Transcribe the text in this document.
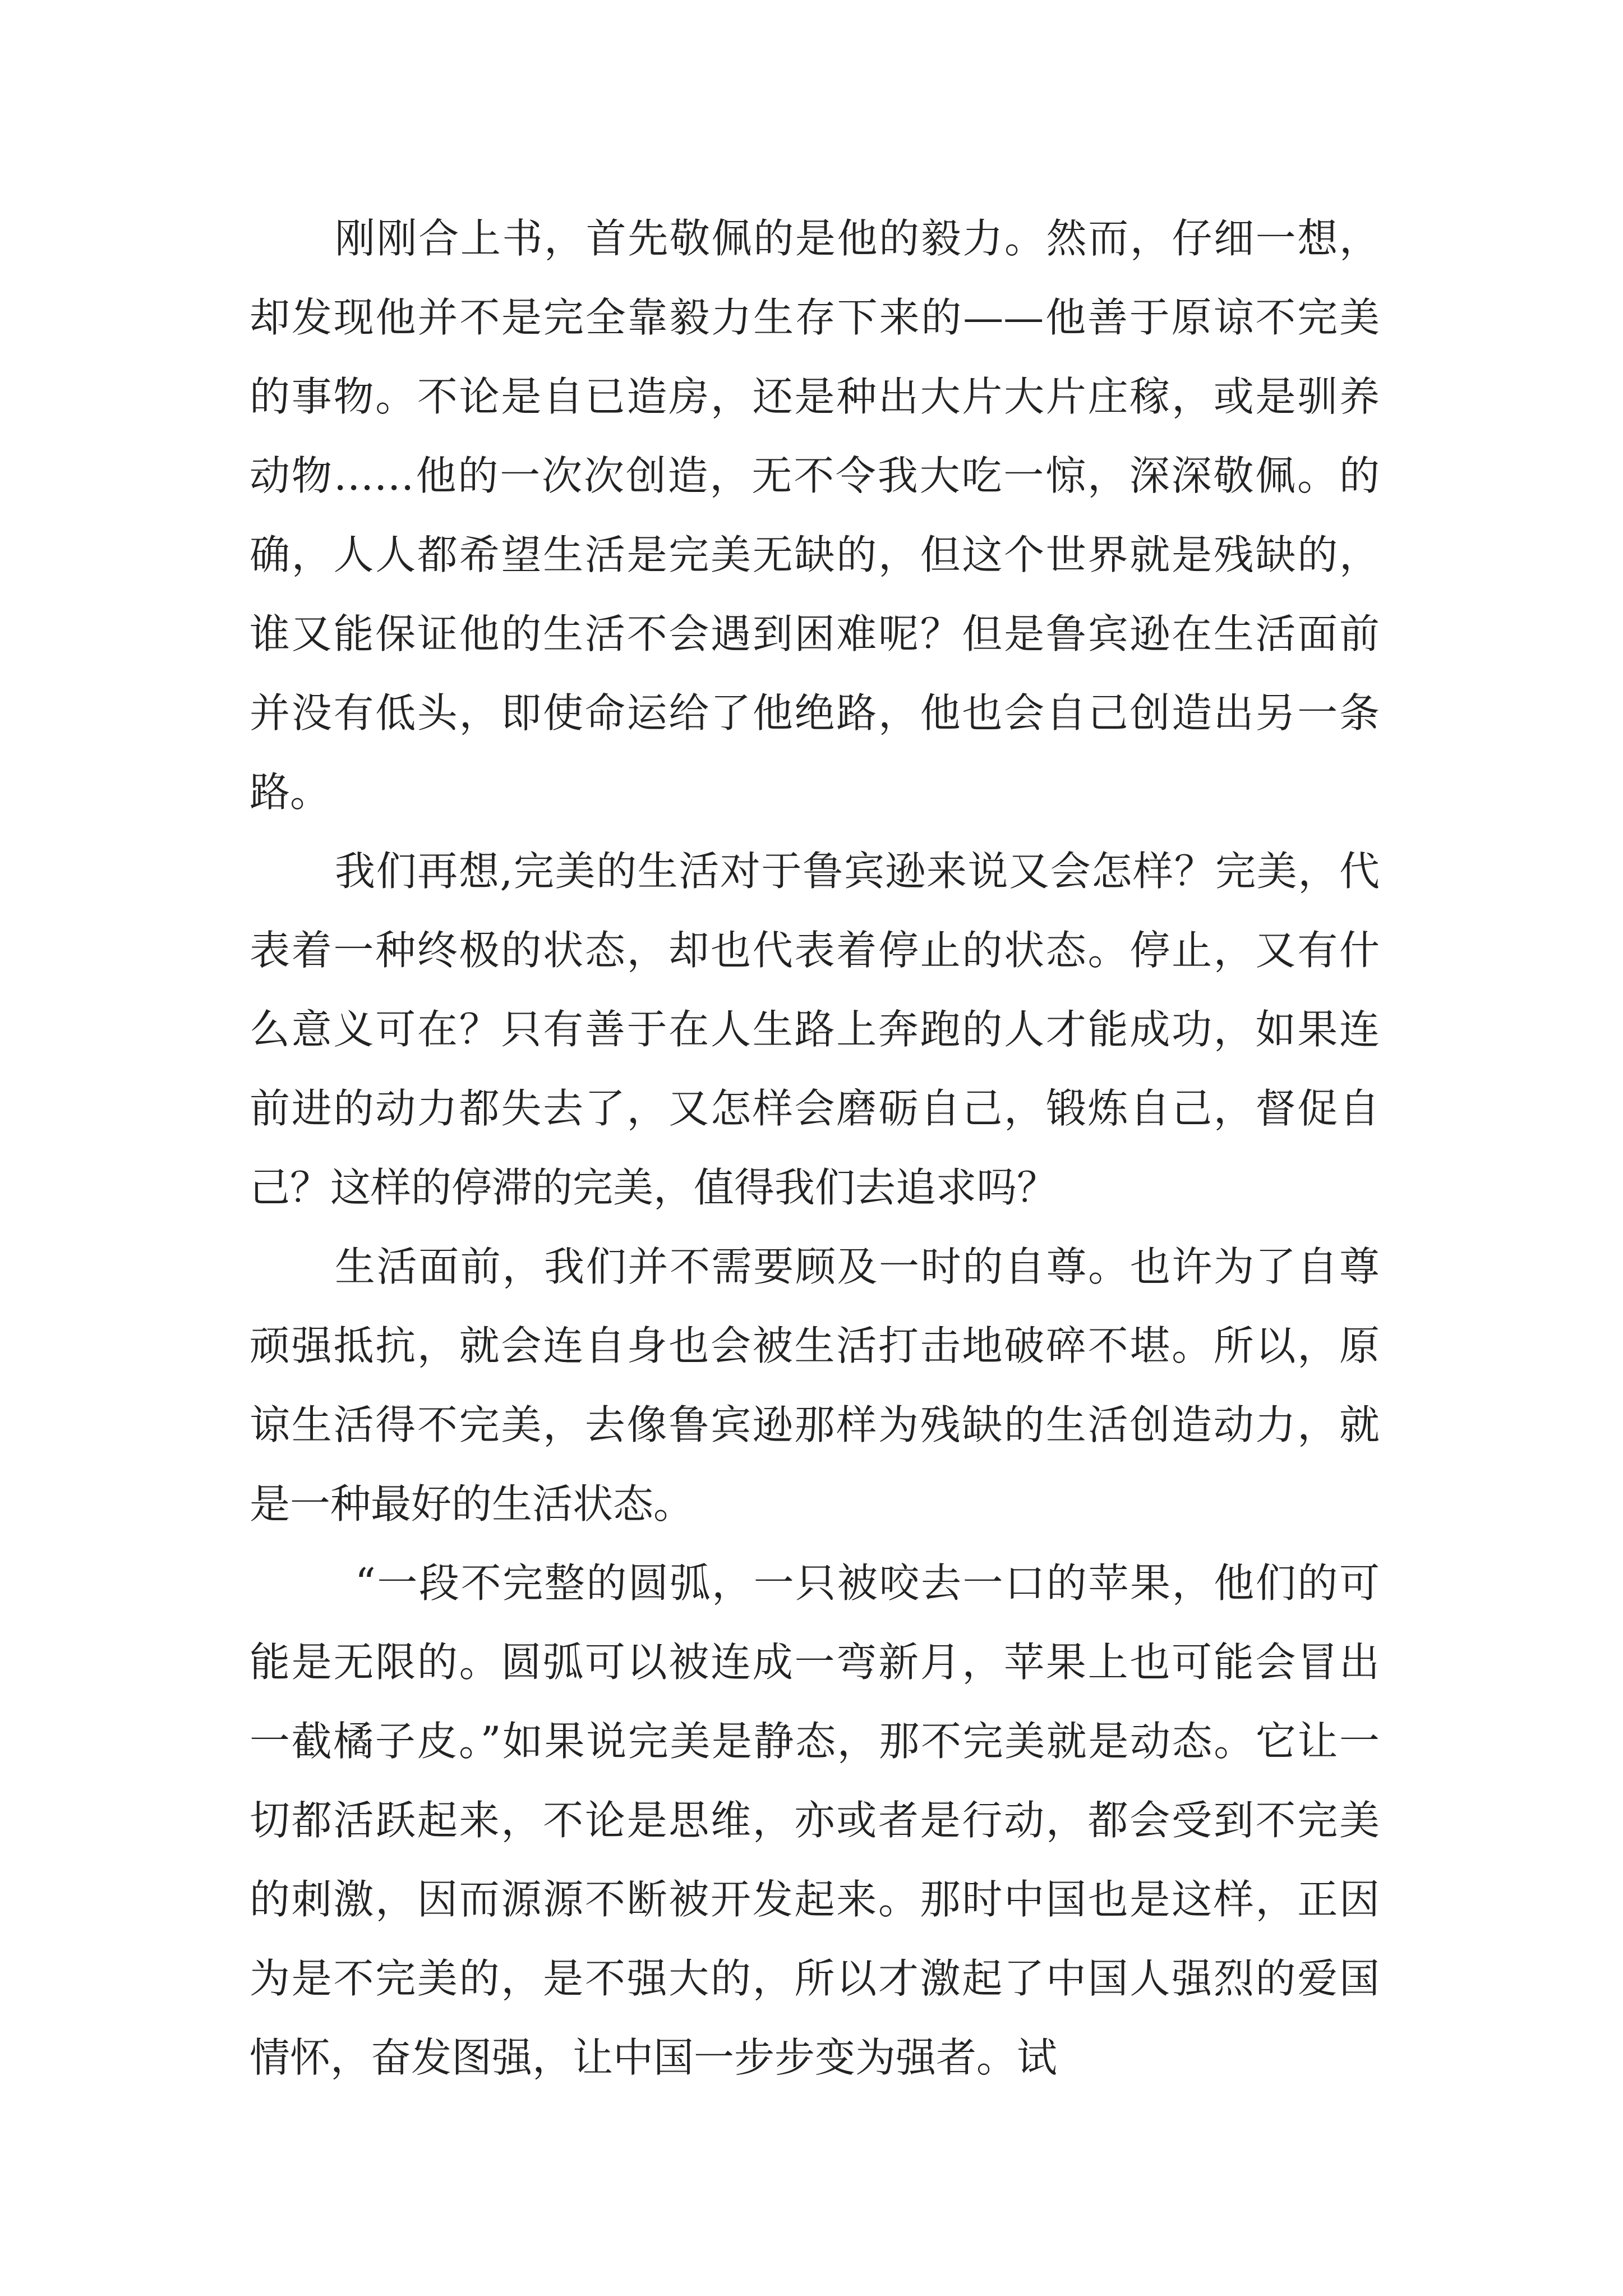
刚刚合上书，首先敬佩的是他的毅力。然而，仔细一想，却发现他并不是完全靠毅力生存下来的——他善于原谅不完美的事物。不论是自已造房，还是种出大片大片庄稼，或是驯养动物……他的一次次创造，无不令我大吃一惊，深深敬佩。的确，人人都希望生活是完美无缺的，但这个世界就是残缺的，谁又能保证他的生活不会遇到困难呢？但是鲁宾逊在生活面前并没有低头，即使命运给了他绝路，他也会自己创造出另一条路。

我们再想,完美的生活对于鲁宾逊来说又会怎样？完美，代表着一种终极的状态，却也代表着停止的状态。停止，又有什么意义可在？只有善于在人生路上奔跑的人才能成功，如果连前进的动力都失去了，又怎样会磨砺自己，锻炼自己，督促自己？这样的停滞的完美，值得我们去追求吗？

生活面前，我们并不需要顾及一时的自尊。也许为了自尊顽强抵抗，就会连自身也会被生活打击地破碎不堪。所以，原谅生活得不完美，去像鲁宾逊那样为残缺的生活创造动力，就是一种最好的生活状态。

“一段不完整的圆弧，一只被咬去一口的苹果，他们的可能是无限的。圆弧可以被连成一弯新月，苹果上也可能会冒出一截橘子皮。”如果说完美是静态，那不完美就是动态。它让一切都活跃起来，不论是思维，亦或者是行动，都会受到不完美的刺激，因而源源不断被开发起来。那时中国也是这样，正因为是不完美的，是不强大的，所以才激起了中国人强烈的爱国情怀，奋发图强，让中国一步步变为强者。试
